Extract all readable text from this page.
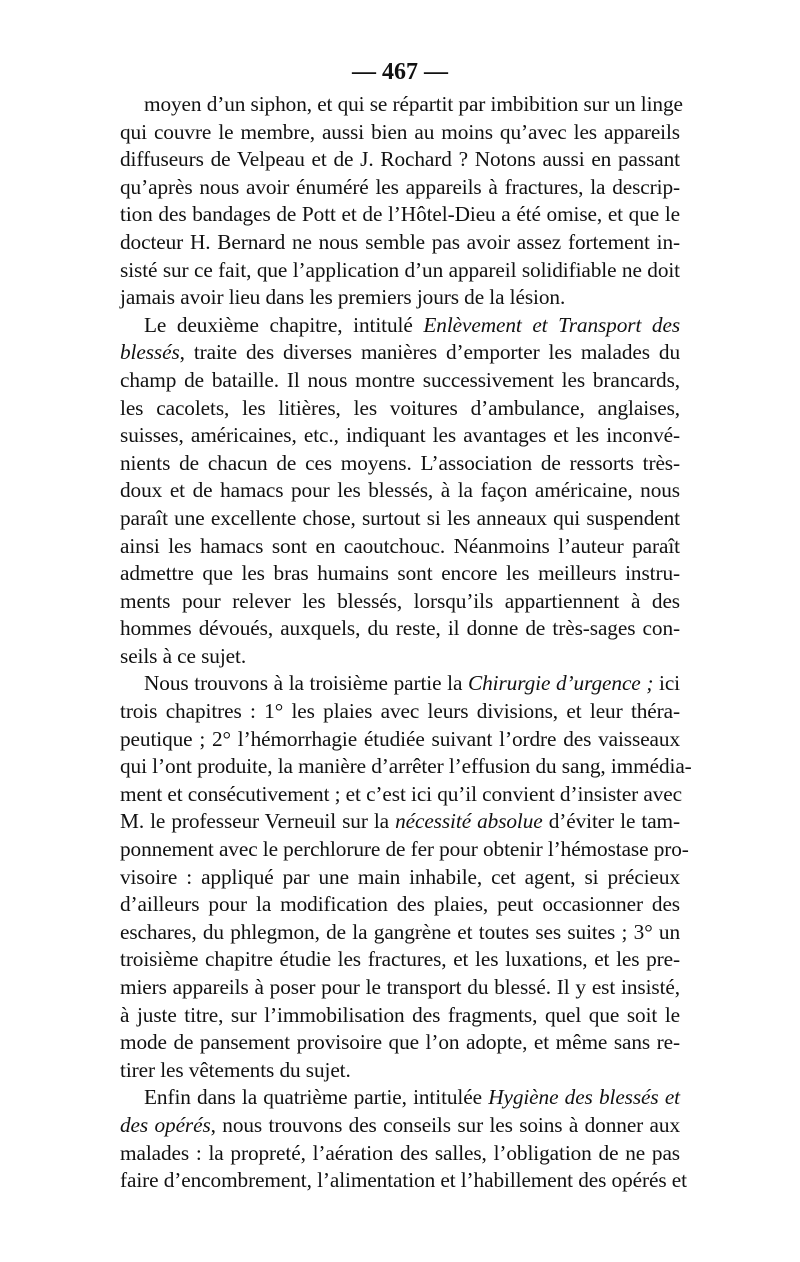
— 467 —
moyen d’un siphon, et qui se répartit par imbibition sur un linge
qui couvre le membre, aussi bien au moins qu’avec les appareils
diffuseurs de Velpeau et de J. Rochard ? Notons aussi en passant
qu’après nous avoir énuméré les appareils à fractures, la descrip-
tion des bandages de Pott et de l’Hôtel-Dieu a été omise, et que le
docteur H. Bernard ne nous semble pas avoir assez fortement in-
sisté sur ce fait, que l’application d’un appareil solidifiable ne doit
jamais avoir lieu dans les premiers jours de la lésion.
Le deuxième chapitre, intitulé Enlèvement et Transport des
blessés, traite des diverses manières d’emporter les malades du
champ de bataille. Il nous montre successivement les brancards,
les cacolets, les litières, les voitures d’ambulance, anglaises,
suisses, américaines, etc., indiquant les avantages et les inconvé-
nients de chacun de ces moyens. L’association de ressorts très-
doux et de hamacs pour les blessés, à la façon américaine, nous
paraît une excellente chose, surtout si les anneaux qui suspendent
ainsi les hamacs sont en caoutchouc. Néanmoins l’auteur paraît
admettre que les bras humains sont encore les meilleurs instru-
ments pour relever les blessés, lorsqu’ils appartiennent à des
hommes dévoués, auxquels, du reste, il donne de très-sages con-
seils à ce sujet.
Nous trouvons à la troisième partie la Chirurgie d’urgence ; ici
trois chapitres : 1° les plaies avec leurs divisions, et leur théra-
peutique ; 2° l’hémorrhagie étudiée suivant l’ordre des vaisseaux
qui l’ont produite, la manière d’arrêter l’effusion du sang, immédia-
ment et consécutivement ; et c’est ici qu’il convient d’insister avec
M. le professeur Verneuil sur la nécessité absolue d’éviter le tam-
ponnement avec le perchlorure de fer pour obtenir l’hémostase pro-
visoire : appliqué par une main inhabile, cet agent, si précieux
d’ailleurs pour la modification des plaies, peut occasionner des
eschares, du phlegmon, de la gangrène et toutes ses suites ; 3° un
troisième chapitre étudie les fractures, et les luxations, et les pre-
miers appareils à poser pour le transport du blessé. Il y est insisté,
à juste titre, sur l’immobilisation des fragments, quel que soit le
mode de pansement provisoire que l’on adopte, et même sans re-
tirer les vêtements du sujet.
Enfin dans la quatrième partie, intitulée Hygiène des blessés et
des opérés, nous trouvons des conseils sur les soins à donner aux
malades : la propreté, l’aération des salles, l’obligation de ne pas
faire d’encombrement, l’alimentation et l’habillement des opérés et
